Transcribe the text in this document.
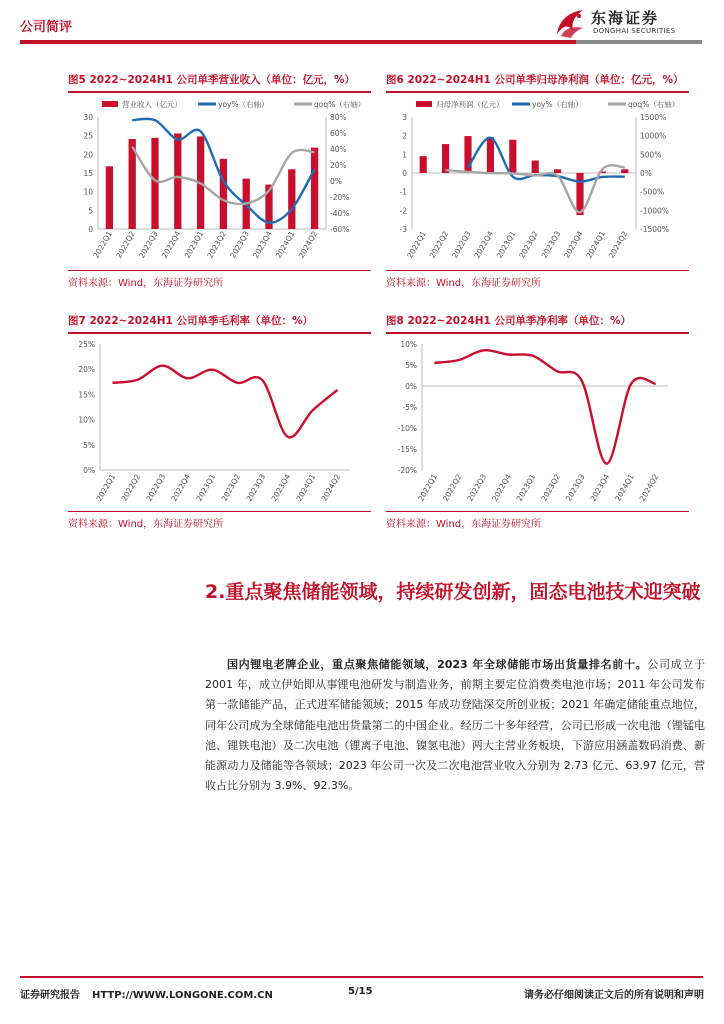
公司简评
东海证券
DONGHAI SECURITIES
图5 2022~2024H1 公司单季营业收入（单位：亿元，%）
营业收入（亿元）	yoy%（右轴）	qoq%（右轴）
0
5
10
15
20
25
30
-60%
-40%
-20%
0%
20%
40%
60%
80%
2022Q1 2022Q2 2022Q3 2022Q4 2023Q1 2023Q2 2023Q3 2023Q4 2024Q1 2024Q2
资料来源：Wind，东海证券研究所
图6 2022~2024H1 公司单季归母净利润（单位：亿元，%）
归母净利润（亿元）	yoy%（右轴）	qoq%（右轴）
-3
-2
-1
0
1
2
3
-1500%
-1000%
-500%
0%
500%
1000%
1500%
2022Q1 2022Q2 2022Q3 2022Q4 2023Q1 2023Q2 2023Q3 2023Q4 2024Q1 2024Q2
资料来源：Wind，东海证券研究所
图7 2022~2024H1 公司单季毛利率（单位：%）
0%
5%
10%
15%
20%
25%
2022Q1 2022Q2 2022Q3 2022Q4 2023Q1 2023Q2 2023Q3 2023Q4 2024Q1 2024Q2
资料来源：Wind，东海证券研究所
图8 2022~2024H1 公司单季净利率（单位：%）
-20%
-15%
-10%
-5%
0%
5%
10%
2022Q1 2022Q2 2022Q3 2022Q4 2023Q1 2023Q2 2023Q3 2023Q4 2024Q1 2024Q2
资料来源：Wind，东海证券研究所
2.重点聚焦储能领域，持续研发创新，固态电池技术迎突破
国内锂电老牌企业，重点聚焦储能领域，2023 年全球储能市场出货量排名前十。公司成立于 2001 年，成立伊始即从事锂电池研发与制造业务，前期主要定位消费类电池市场；2011 年公司发布第一款储能产品，正式进军储能领域；2015 年成功登陆深交所创业板；2021 年确定储能重点地位，同年公司成为全球储能电池出货量第二的中国企业。经历二十多年经营，公司已形成一次电池（锂锰电池、锂铁电池）及二次电池（锂离子电池、镍氢电池）两大主营业务板块，下游应用涵盖数码消费、新能源动力及储能等各领域；2023 年公司一次及二次电池营业收入分别为 2.73 亿元、63.97 亿元，营收占比分别为 3.9%、92.3%。
证券研究报告 HTTP://WWW.LONGONE.COM.CN	5/15	请务必仔细阅读正文后的所有说明和声明
